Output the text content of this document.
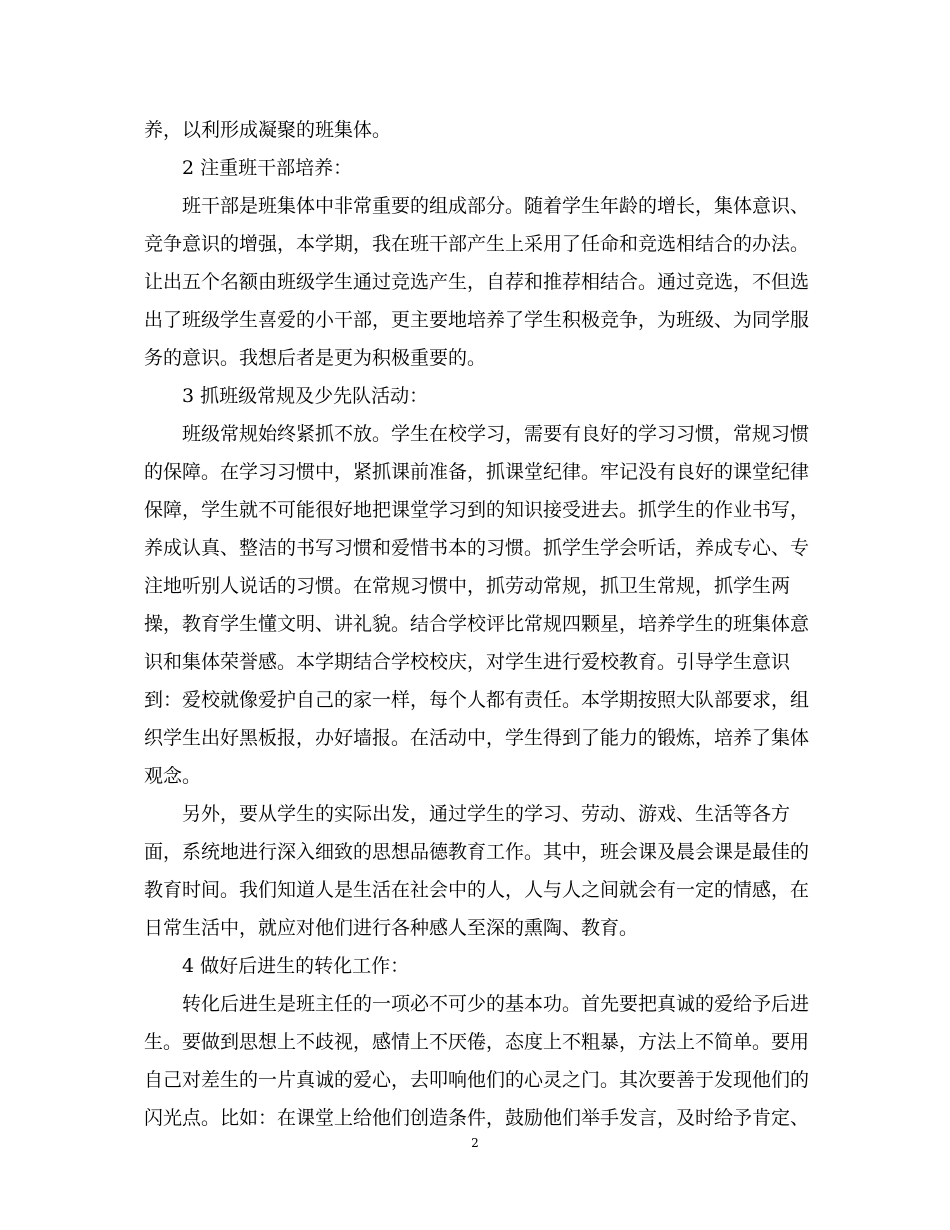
养，以利形成凝聚的班集体。
2 注重班干部培养：
班干部是班集体中非常重要的组成部分。随着学生年龄的增长，集体意识、
竞争意识的增强，本学期，我在班干部产生上采用了任命和竞选相结合的办法。
让出五个名额由班级学生通过竞选产生，自荐和推荐相结合。通过竞选，不但选
出了班级学生喜爱的小干部，更主要地培养了学生积极竞争，为班级、为同学服
务的意识。我想后者是更为积极重要的。
3 抓班级常规及少先队活动：
班级常规始终紧抓不放。学生在校学习，需要有良好的学习习惯，常规习惯
的保障。在学习习惯中，紧抓课前准备，抓课堂纪律。牢记没有良好的课堂纪律
保障，学生就不可能很好地把课堂学习到的知识接受进去。抓学生的作业书写，
养成认真、整洁的书写习惯和爱惜书本的习惯。抓学生学会听话，养成专心、专
注地听别人说话的习惯。在常规习惯中，抓劳动常规，抓卫生常规，抓学生两
操，教育学生懂文明、讲礼貌。结合学校评比常规四颗星，培养学生的班集体意
识和集体荣誉感。本学期结合学校校庆，对学生进行爱校教育。引导学生意识
到：爱校就像爱护自己的家一样，每个人都有责任。本学期按照大队部要求，组
织学生出好黑板报，办好墙报。在活动中，学生得到了能力的锻炼，培养了集体
观念。
另外，要从学生的实际出发，通过学生的学习、劳动、游戏、生活等各方
面，系统地进行深入细致的思想品德教育工作。其中，班会课及晨会课是最佳的
教育时间。我们知道人是生活在社会中的人，人与人之间就会有一定的情感，在
日常生活中，就应对他们进行各种感人至深的熏陶、教育。
4 做好后进生的转化工作：
转化后进生是班主任的一项必不可少的基本功。首先要把真诚的爱给予后进
生。要做到思想上不歧视，感情上不厌倦，态度上不粗暴，方法上不简单。要用
自己对差生的一片真诚的爱心，去叩响他们的心灵之门。其次要善于发现他们的
闪光点。比如：在课堂上给他们创造条件，鼓励他们举手发言，及时给予肯定、
2
